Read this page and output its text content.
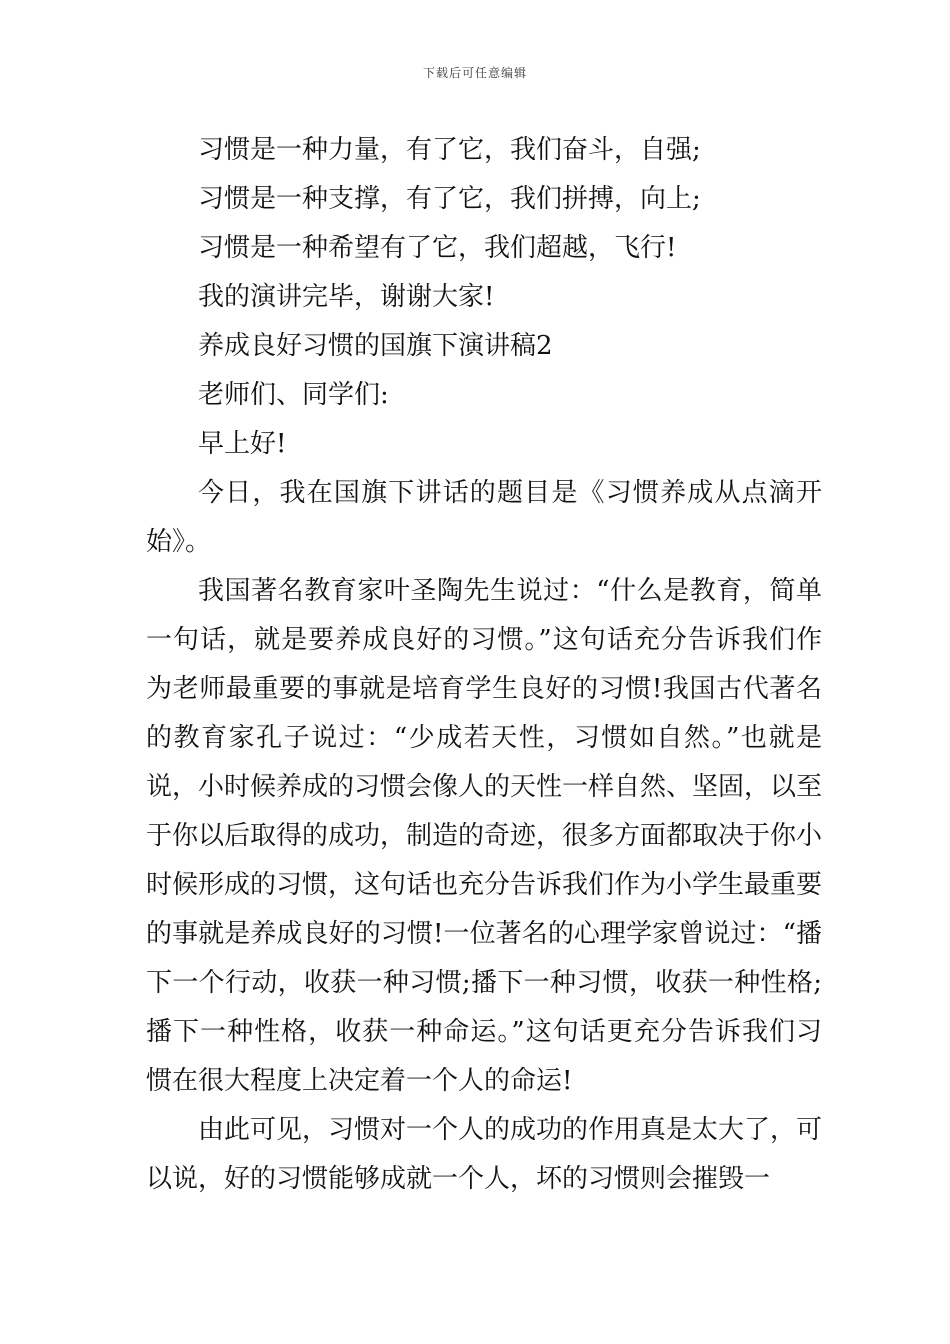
下载后可任意编辑

习惯是一种力量，有了它，我们奋斗，自强;

习惯是一种支撑，有了它，我们拼搏，向上;

习惯是一种希望有了它，我们超越，飞行!

我的演讲完毕，谢谢大家!

养成良好习惯的国旗下演讲稿2

老师们、同学们:

早上好!

今日，我在国旗下讲话的题目是《习惯养成从点滴开始》。

我国著名教育家叶圣陶先生说过：“什么是教育，简单一句话，就是要养成良好的习惯。”这句话充分告诉我们作为老师最重要的事就是培育学生良好的习惯!我国古代著名的教育家孔子说过：“少成若天性，习惯如自然。”也就是说，小时候养成的习惯会像人的天性一样自然、坚固，以至于你以后取得的成功，制造的奇迹，很多方面都取决于你小时候形成的习惯，这句话也充分告诉我们作为小学生最重要的事就是养成良好的习惯!一位著名的心理学家曾说过：“播下一个行动，收获一种习惯;播下一种习惯，收获一种性格;播下一种性格，收获一种命运。”这句话更充分告诉我们习惯在很大程度上决定着一个人的命运!

由此可见，习惯对一个人的成功的作用真是太大了，可以说，好的习惯能够成就一个人，坏的习惯则会摧毁一
